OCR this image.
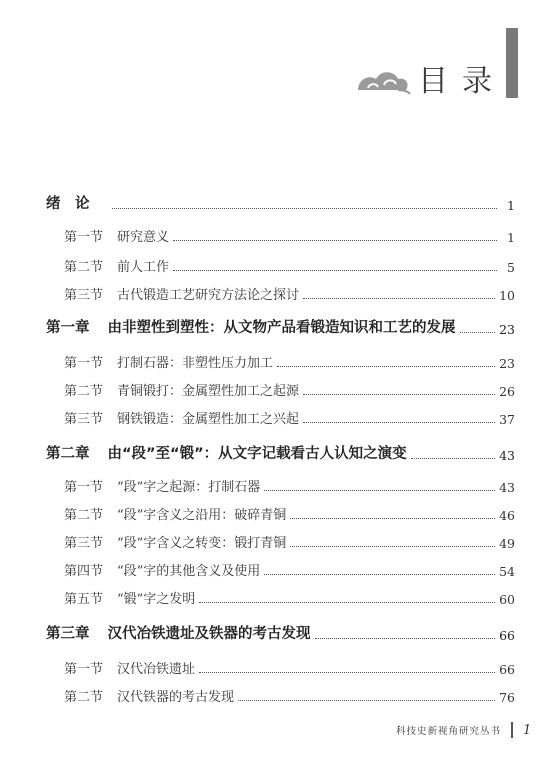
目录
绪　论	1
第一节 研究意义	1
第二节 前人工作	5
第三节 古代锻造工艺研究方法论之探讨	10
第一章 由非塑性到塑性：从文物产品看锻造知识和工艺的发展	23
第一节 打制石器：非塑性压力加工	23
第二节 青铜锻打：金属塑性加工之起源	26
第三节 钢铁锻造：金属塑性加工之兴起	37
第二章 由“段”至“锻”：从文字记载看古人认知之演变	43
第一节 “段”字之起源：打制石器	43
第二节 “段”字含义之沿用：破碎青铜	46
第三节 “段”字含义之转变：锻打青铜	49
第四节 “段”字的其他含义及使用	54
第五节 “锻”字之发明	60
第三章 汉代冶铁遗址及铁器的考古发现	66
第一节 汉代冶铁遗址	66
第二节 汉代铁器的考古发现	76
科技史新视角研究丛书 1
